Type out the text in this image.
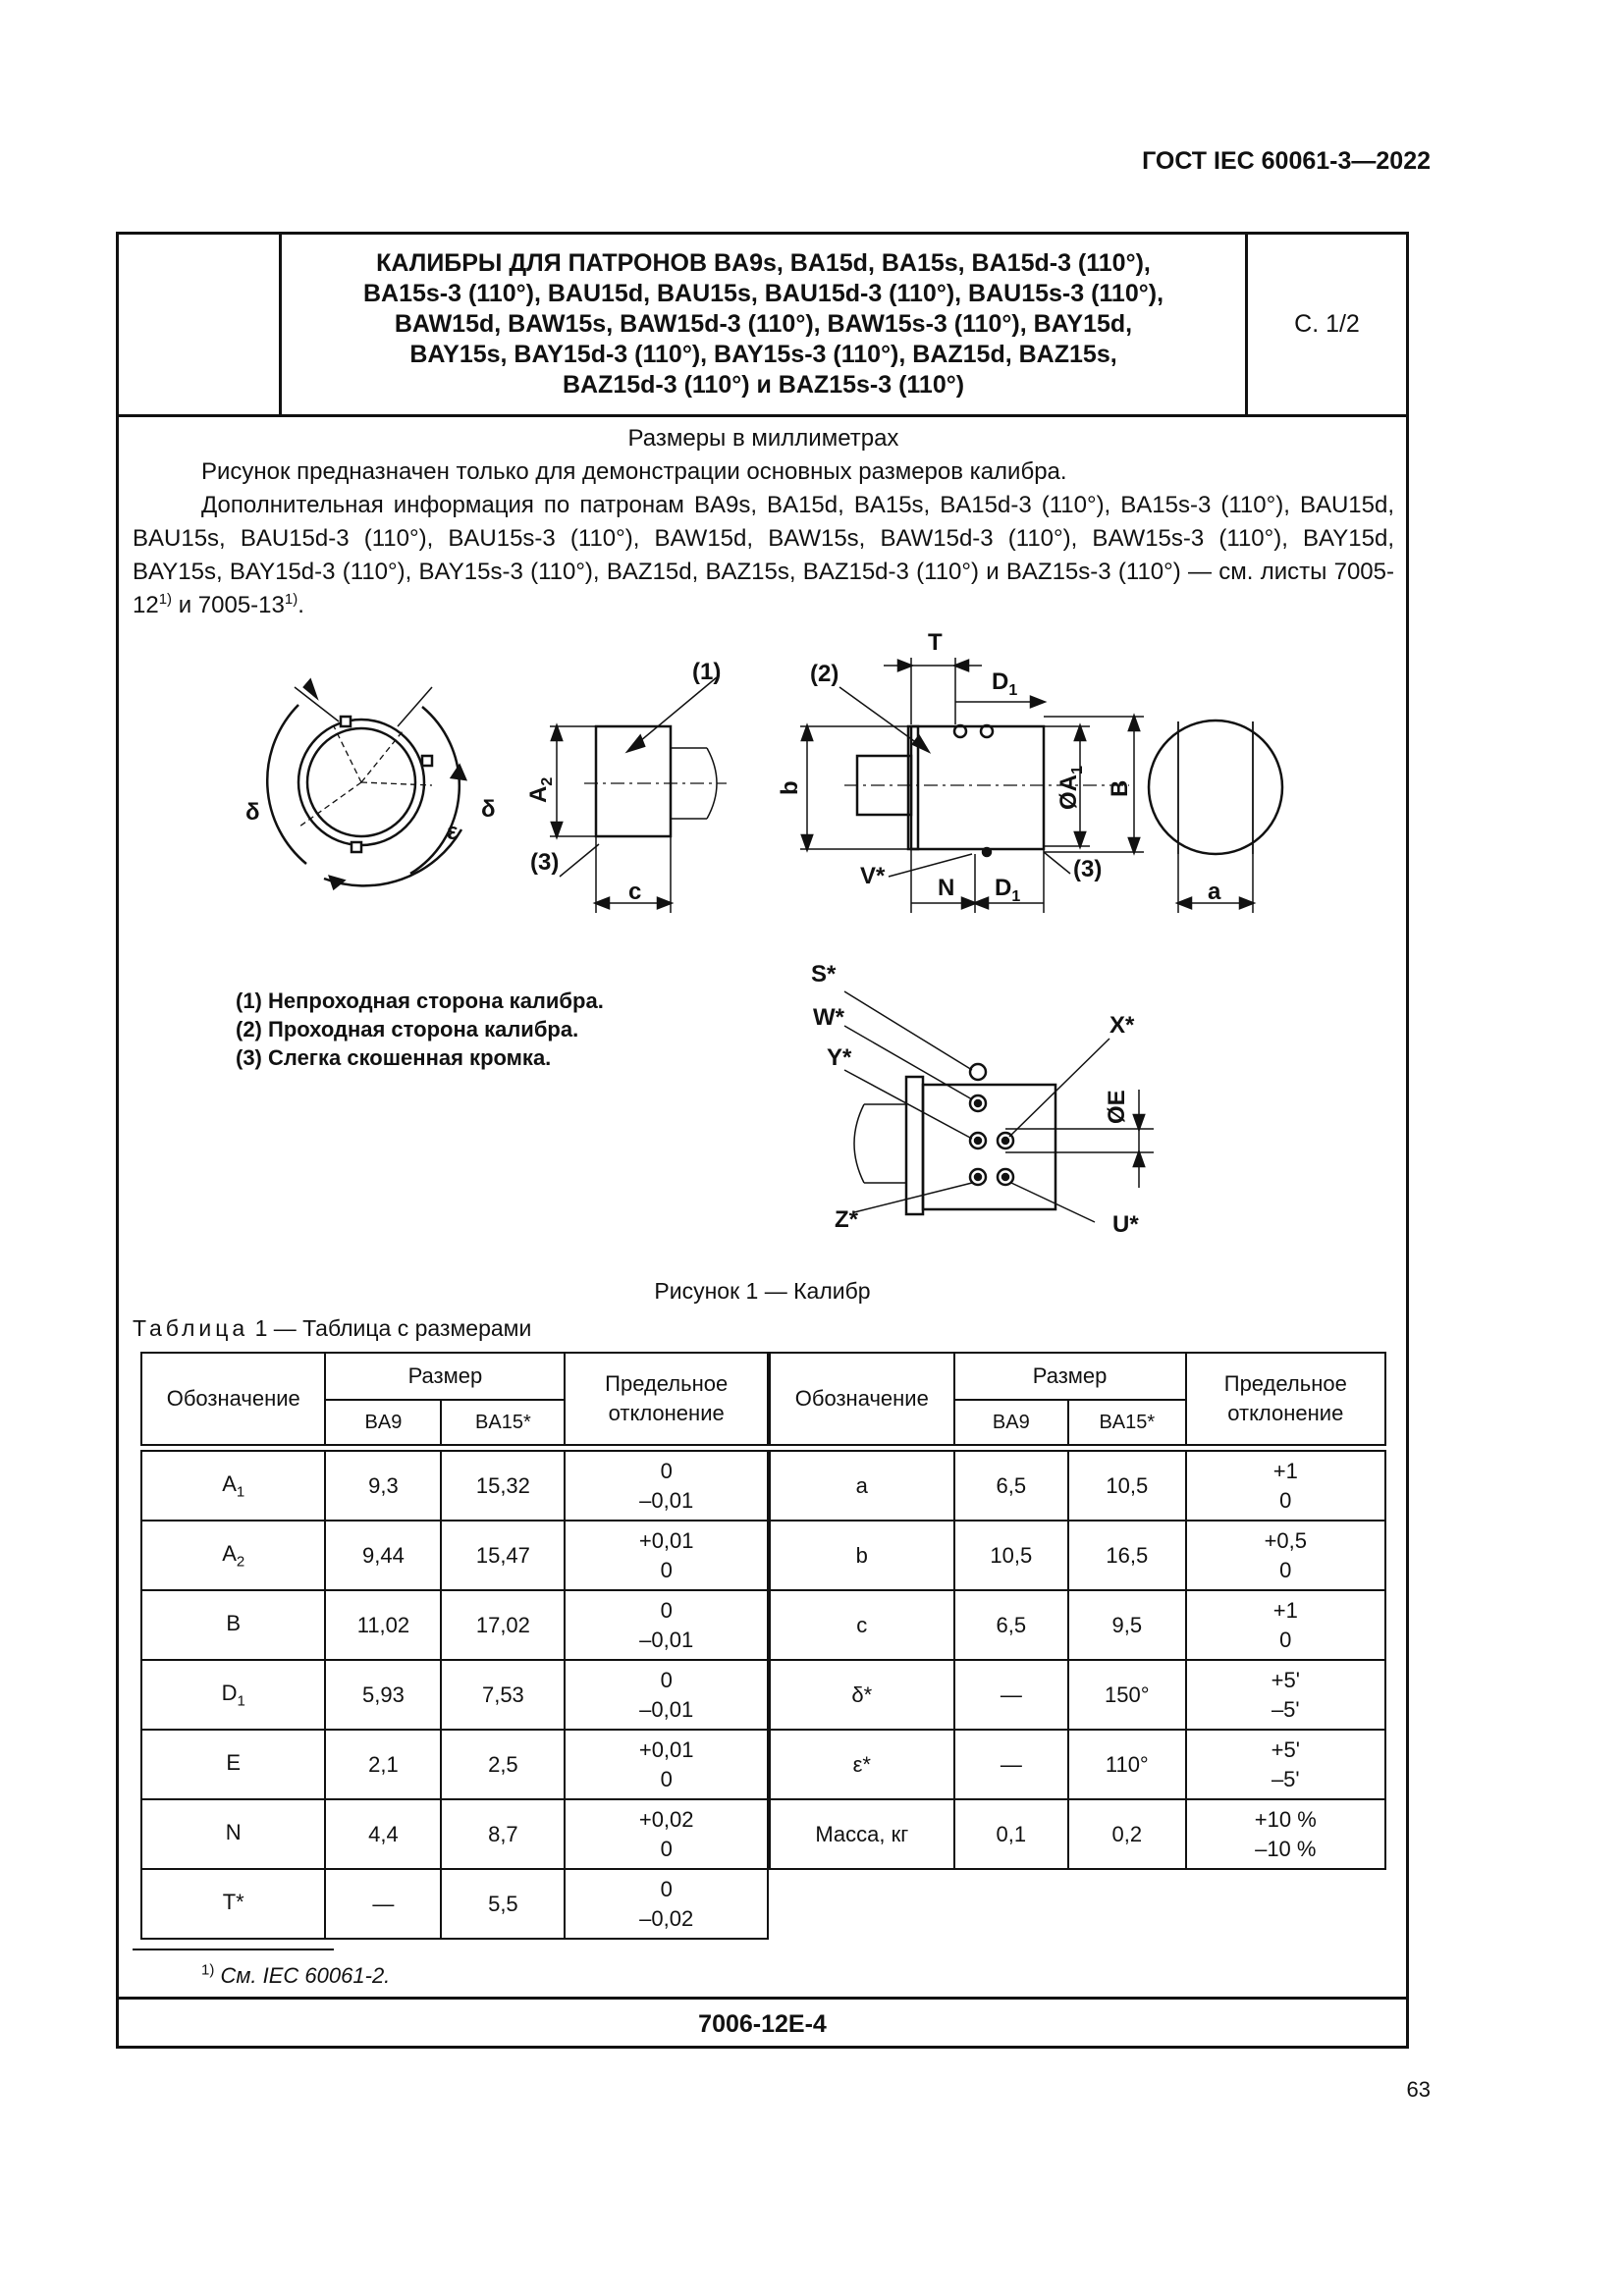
ГОСТ IEC 60061-3—2022
КАЛИБРЫ ДЛЯ ПАТРОНОВ BA9s, BA15d, BA15s, BA15d-3 (110°),
BA15s-3 (110°), BAU15d, BAU15s, BAU15d-3 (110°), BAU15s-3 (110°),
BAW15d, BAW15s, BAW15d-3 (110°), BAW15s-3 (110°), BAY15d,
BAY15s, BAY15d-3 (110°), BAY15s-3 (110°), BAZ15d, BAZ15s,
BAZ15d-3 (110°) и BAZ15s-3 (110°)
С. 1/2
7006-12E-4

Размеры в миллиметрах

Рисунок предназначен только для демонстрации основных размеров калибра.

Дополнительная информация по патронам BA9s, BA15d, BA15s, BA15d-3 (110°), BA15s-3 (110°), BAU15d, BAU15s, BAU15d-3 (110°), BAU15s-3 (110°), BAW15d, BAW15s, BAW15d-3 (110°), BAW15s-3 (110°), BAY15d, BAY15s, BAY15d-3 (110°), BAY15s-3 (110°), BAZ15d, BAZ15s, BAZ15d-3 (110°) и BAZ15s-3 (110°) — см. листы 7005-12$^{1)}$ и 7005-13$^{1)}$.

(1)	(2)
(3)	(3)
T
$D_1$
$D_1$
N
V*
c	a
$A_2$	b	$ØA_1$
B
δ	δ
ε
S*
W*
Y*
X*
ØE
Z*	U*
(1) Непроходная сторона калибра.
(2) Проходная сторона калибра.
(3) Слегка скошенная кромка.
Рисунок 1 — Калибр
Таблица 1 — Таблица с размерами
Обозначение	Размер		Предельное отклонение
	BA9	BA15*	

$A_1$	9,3	15,32	0
–0,01

$A_2$	9,44	15,47	+0,01
0

B	11,02	17,02	0
–0,01

$D_1$	5,93	7,53	0
–0,01

E	2,1	2,5	+0,01
0

N	4,4	8,7	+0,02
0

T*	—	5,5	0
–0,02
Обозначение	Размер		Предельное отклонение
	BA9	BA15*	

a	6,5	10,5	+1
0

b	10,5	16,5	+0,5
0

c	6,5	9,5	+1
0

δ*	—	150°	+5'
–5'

ε*	—	110°	+5'
–5'

Масса, кг	0,1	0,2	+10 %
–10 %
$^{1)}$ См. IEC 60061-2.
63
